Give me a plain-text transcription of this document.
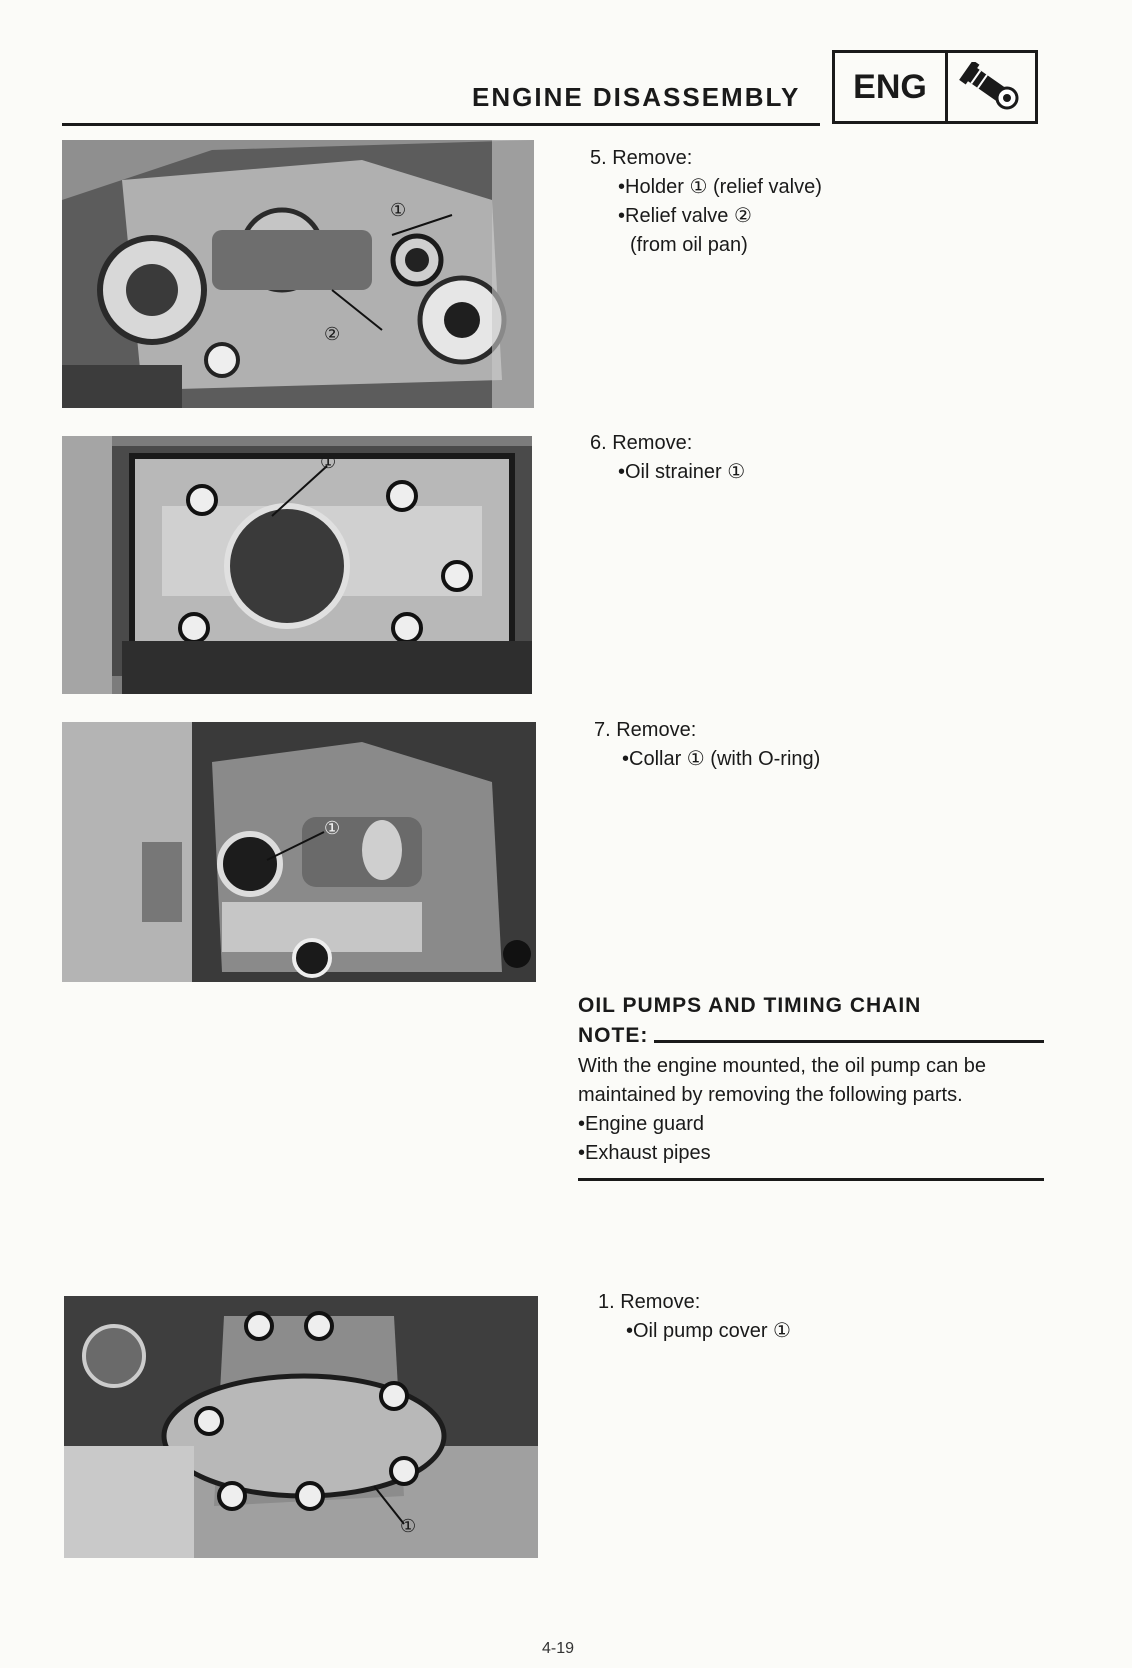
ENGINE DISASSEMBLY	ENG
①
②
5. Remove:
•Holder ① (relief valve)
•Relief valve ②
(from oil pan)
①
6. Remove:
•Oil strainer ①
①
7. Remove:
•Collar ① (with O-ring)
OIL PUMPS AND TIMING CHAIN
NOTE:
With the engine mounted, the oil pump can be
maintained by removing the following parts.
•Engine guard
•Exhaust pipes
①
1. Remove:
•Oil pump cover ①
4-19
